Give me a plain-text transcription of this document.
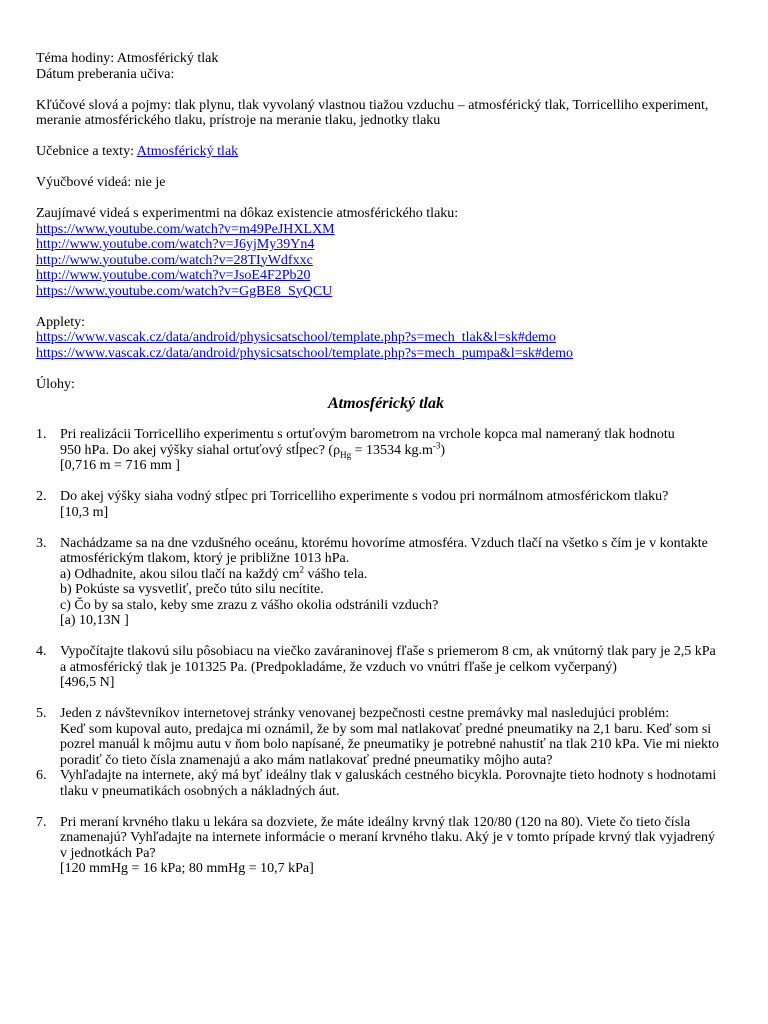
Téma hodiny: Atmosférický tlak
Dátum preberania učiva:
Kľúčové slová a pojmy: tlak plynu, tlak vyvolaný vlastnou tiažou vzduchu – atmosférický tlak, Torricelliho experiment, meranie atmosférického tlaku, prístroje na meranie tlaku, jednotky tlaku
Učebnice a texty: Atmosférický tlak
Výučbové videá: nie je
Zaujímavé videá s experimentmi na dôkaz existencie atmosférického tlaku:
https://www.youtube.com/watch?v=m49PeJHXLXM
http://www.youtube.com/watch?v=J6yjMy39Yn4
http://www.youtube.com/watch?v=28TIyWdfxxc
http://www.youtube.com/watch?v=JsoE4F2Pb20
https://www.youtube.com/watch?v=GgBE8_SyQCU
Applety:
https://www.vascak.cz/data/android/physicsatschool/template.php?s=mech_tlak&l=sk#demo
https://www.vascak.cz/data/android/physicsatschool/template.php?s=mech_pumpa&l=sk#demo
Úlohy:
Atmosférický tlak
1. Pri realizácii Torricelliho experimentu s ortuťovým barometrom na vrchole kopca mal nameraný tlak hodnotu
950 hPa. Do akej výšky siahal ortuťový stĺpec? ($\rho_{Hg} = 13534$ $kg.m^{-3}$)
[0,716 m = 716 mm ]
2. Do akej výšky siaha vodný stĺpec pri Torricelliho experimente s vodou pri normálnom atmosférickom tlaku?
[10,3 m]
3. Nachádzame sa na dne vzdušného oceánu, ktorému hovoríme atmosféra. Vzduch tlačí na všetko s čím je v kontakte
atmosférickým tlakom, ktorý je približne 1013 hPa.
a) Odhadnite, akou silou tlačí na každý $cm^2$ vášho tela.
b) Pokúste sa vysvetliť, prečo túto silu necítite.
c) Čo by sa stalo, keby sme zrazu z vášho okolia odstránili vzduch?
[a) 10,13N ]
4. Vypočítajte tlakovú silu pôsobiacu na viečko zaváraninovej fľaše s priemerom 8 cm, ak vnútorný tlak pary je 2,5 kPa
a atmosférický tlak je 101325 Pa. (Predpokladáme, že vzduch vo vnútri fľaše je celkom vyčerpaný)
[496,5 N]
5. Jeden z návštevníkov internetovej stránky venovanej bezpečnosti cestne premávky mal nasledujúci problém:
Keď som kupoval auto, predajca mi oznámil, že by som mal natlakovať predné pneumatiky na 2,1 baru. Keď som si
pozrel manuál k môjmu autu v ňom bolo napísané, že pneumatiky je potrebné nahustiť na tlak 210 kPa. Vie mi niekto
poradiť čo tieto čísla znamenajú a ako mám natlakovať predné pneumatiky môjho auta?
6. Vyhľadajte na internete, aký má byť ideálny tlak v galuskách cestného bicykla. Porovnajte tieto hodnoty s hodnotami
tlaku v pneumatikách osobných a nákladných áut.
7. Pri meraní krvného tlaku u lekára sa dozviete, že máte ideálny krvný tlak 120/80 (120 na 80). Viete čo tieto čísla
znamenajú? Vyhľadajte na internete informácie o meraní krvného tlaku. Aký je v tomto prípade krvný tlak vyjadrený
v jednotkách Pa?
[120 mmHg = 16 kPa; 80 mmHg = 10,7 kPa]
